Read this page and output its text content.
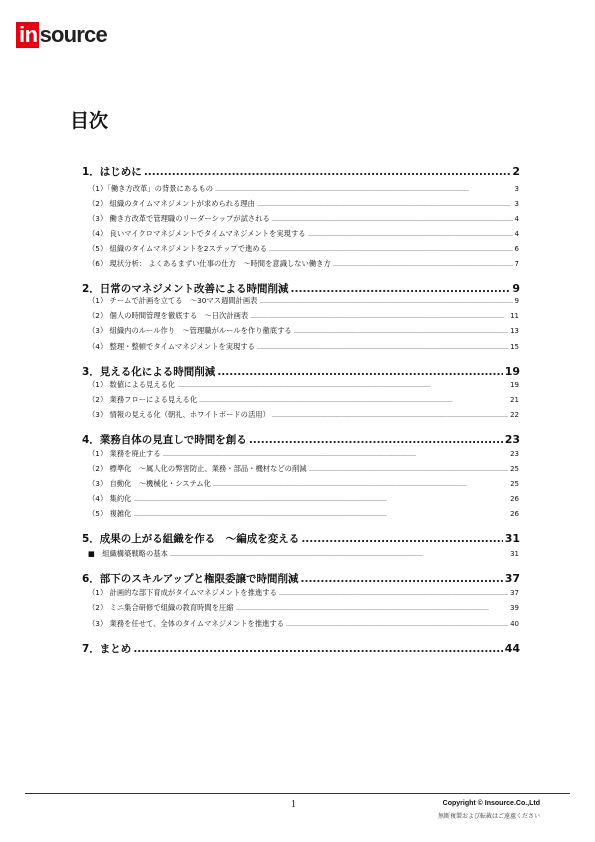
in source
目次
1．はじめに .....	2
（1）「働き方改革」の背景にあるもの .....	3
（2） 組織のタイムマネジメントが求められる理由 .....	3
（3） 働き方改革で管理職のリーダーシップが試される .....	4
（4） 良いマイクロマネジメントでタイムマネジメントを実現する .....	4
（5） 組織のタイムマネジメントを2ステップで進める .....	6
（6） 現状分析： よくあるまずい仕事の仕方　～時間を意識しない働き方 .....	7
2．日常のマネジメント改善による時間削減 .....	9
（1） チームで計画を立てる　～30マス週間計画表 .....	9
（2） 個人の時間管理を徹底する　～日次計画表 .....	11
（3） 組織内のルール作り　～管理職がルールを作り徹底する .....	13
（4） 整理・整頓でタイムマネジメントを実現する .....	15
3．見える化による時間削減 .....	19
（1） 数値による見える化 .....	19
（2） 業務フローによる見える化 .....	21
（3） 情報の見える化（朝礼、ホワイトボードの活用） .....	22
4．業務自体の見直しで時間を創る .....	23
（1） 業務を廃止する .....	23
（2） 標準化　～属人化の弊害防止、業務・部品・機材などの削減 .....	25
（3） 自動化　～機械化・システム化 .....	25
（4） 集約化 .....	26
（5） 複雑化 .....	26
5．成果の上がる組織を作る　～編成を変える .....	31
■　組織構築戦略の基本 .....	31
6．部下のスキルアップと権限委譲で時間削減 .....	37
（1） 計画的な部下育成がタイムマネジメントを推進する .....	37
（2） ミニ集合研修で組織の教育時間を圧縮 .....	39
（3） 業務を任せて、全体のタイムマネジメントを推進する .....	40
7．まとめ .....	44
1	Copyright © Insource.Co.,Ltd
無断複製および転載はご遠慮ください
